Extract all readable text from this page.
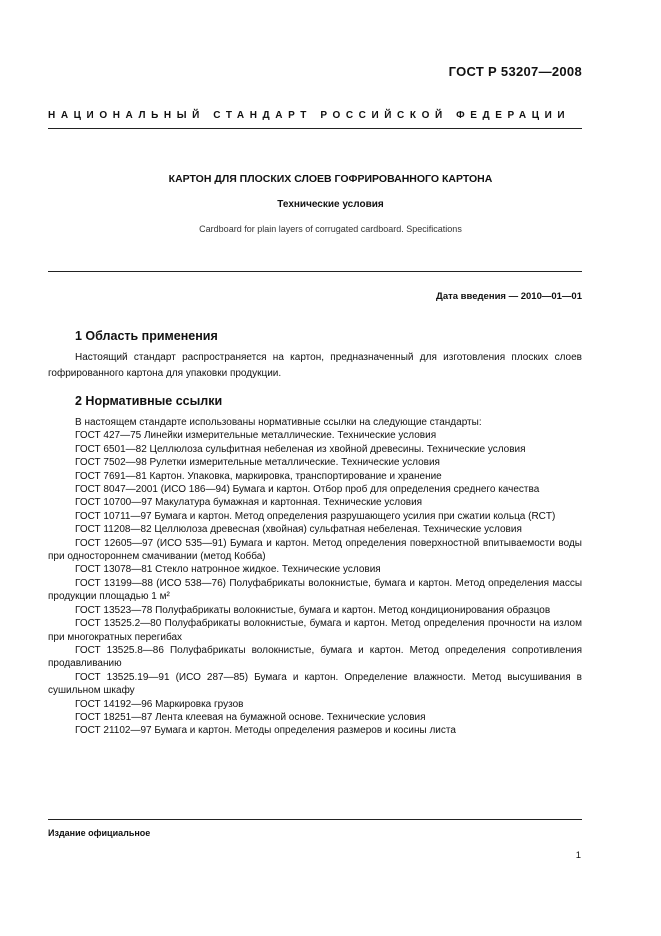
ГОСТ Р 53207—2008
НАЦИОНАЛЬНЫЙ СТАНДАРТ РОССИЙСКОЙ ФЕДЕРАЦИИ
КАРТОН ДЛЯ ПЛОСКИХ СЛОЕВ ГОФРИРОВАННОГО КАРТОНА
Технические условия
Cardboard for plain layers of corrugated cardboard. Specifications
Дата введения — 2010—01—01
1 Область применения
Настоящий стандарт распространяется на картон, предназначенный для изготовления плоских слоев гофрированного картона для упаковки продукции.
2 Нормативные ссылки
В настоящем стандарте использованы нормативные ссылки на следующие стандарты:
ГОСТ 427—75 Линейки измерительные металлические. Технические условия
ГОСТ 6501—82 Целлюлоза сульфитная небеленая из хвойной древесины. Технические условия
ГОСТ 7502—98 Рулетки измерительные металлические. Технические условия
ГОСТ 7691—81 Картон. Упаковка, маркировка, транспортирование и хранение
ГОСТ 8047—2001 (ИСО 186—94) Бумага и картон. Отбор проб для определения среднего качества
ГОСТ 10700—97 Макулатура бумажная и картонная. Технические условия
ГОСТ 10711—97 Бумага и картон. Метод определения разрушающего усилия при сжатии кольца (RCT)
ГОСТ 11208—82 Целлюлоза древесная (хвойная) сульфатная небеленая. Технические условия
ГОСТ 12605—97 (ИСО 535—91) Бумага и картон. Метод определения поверхностной впитываемости воды при одностороннем смачивании (метод Кобба)
ГОСТ 13078—81 Стекло натронное жидкое. Технические условия
ГОСТ 13199—88 (ИСО 538—76) Полуфабрикаты волокнистые, бумага и картон. Метод определения массы продукции площадью 1 м²
ГОСТ 13523—78 Полуфабрикаты волокнистые, бумага и картон. Метод кондиционирования образцов
ГОСТ 13525.2—80 Полуфабрикаты волокнистые, бумага и картон. Метод определения прочности на излом при многократных перегибах
ГОСТ 13525.8—86 Полуфабрикаты волокнистые, бумага и картон. Метод определения сопротивления продавливанию
ГОСТ 13525.19—91 (ИСО 287—85) Бумага и картон. Определение влажности. Метод высушивания в сушильном шкафу
ГОСТ 14192—96 Маркировка грузов
ГОСТ 18251—87 Лента клеевая на бумажной основе. Технические условия
ГОСТ 21102—97 Бумага и картон. Методы определения размеров и косины листа
Издание официальное
1
